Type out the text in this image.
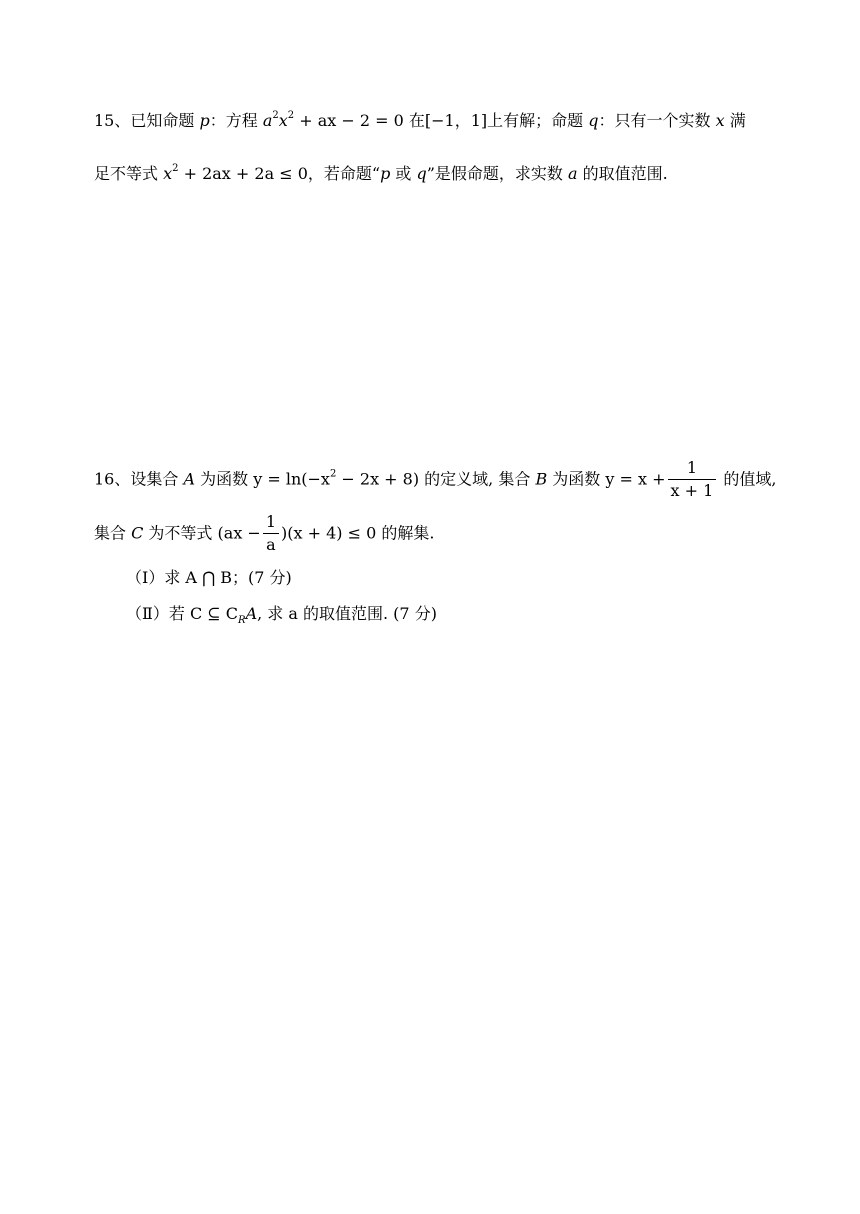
15、已知命题 p：方程 $a^2x^2$ + ax − 2 = 0 在[−1，1]上有解；命题 q：只有一个实数 x 满
足不等式 $x^2 + 2ax + 2a \le 0$，若命题“p 或 q”是假命题，求实数 a 的取值范围.
16、设集合 A 为函数 $y = \ln(-x^2 - 2x + 8)$ 的定义域, 集合 B 为函数 $y = x + \frac{1}{x + 1}$ 的值域,
集合 C 为不等式 $(ax - \frac{1}{a} )(x + 4) \le 0$ 的解集.
（Ⅰ）求 A ⋂ B；(7 分)
（Ⅱ）若 C ⊆ $C_RA$, 求 a 的取值范围. (7 分)
